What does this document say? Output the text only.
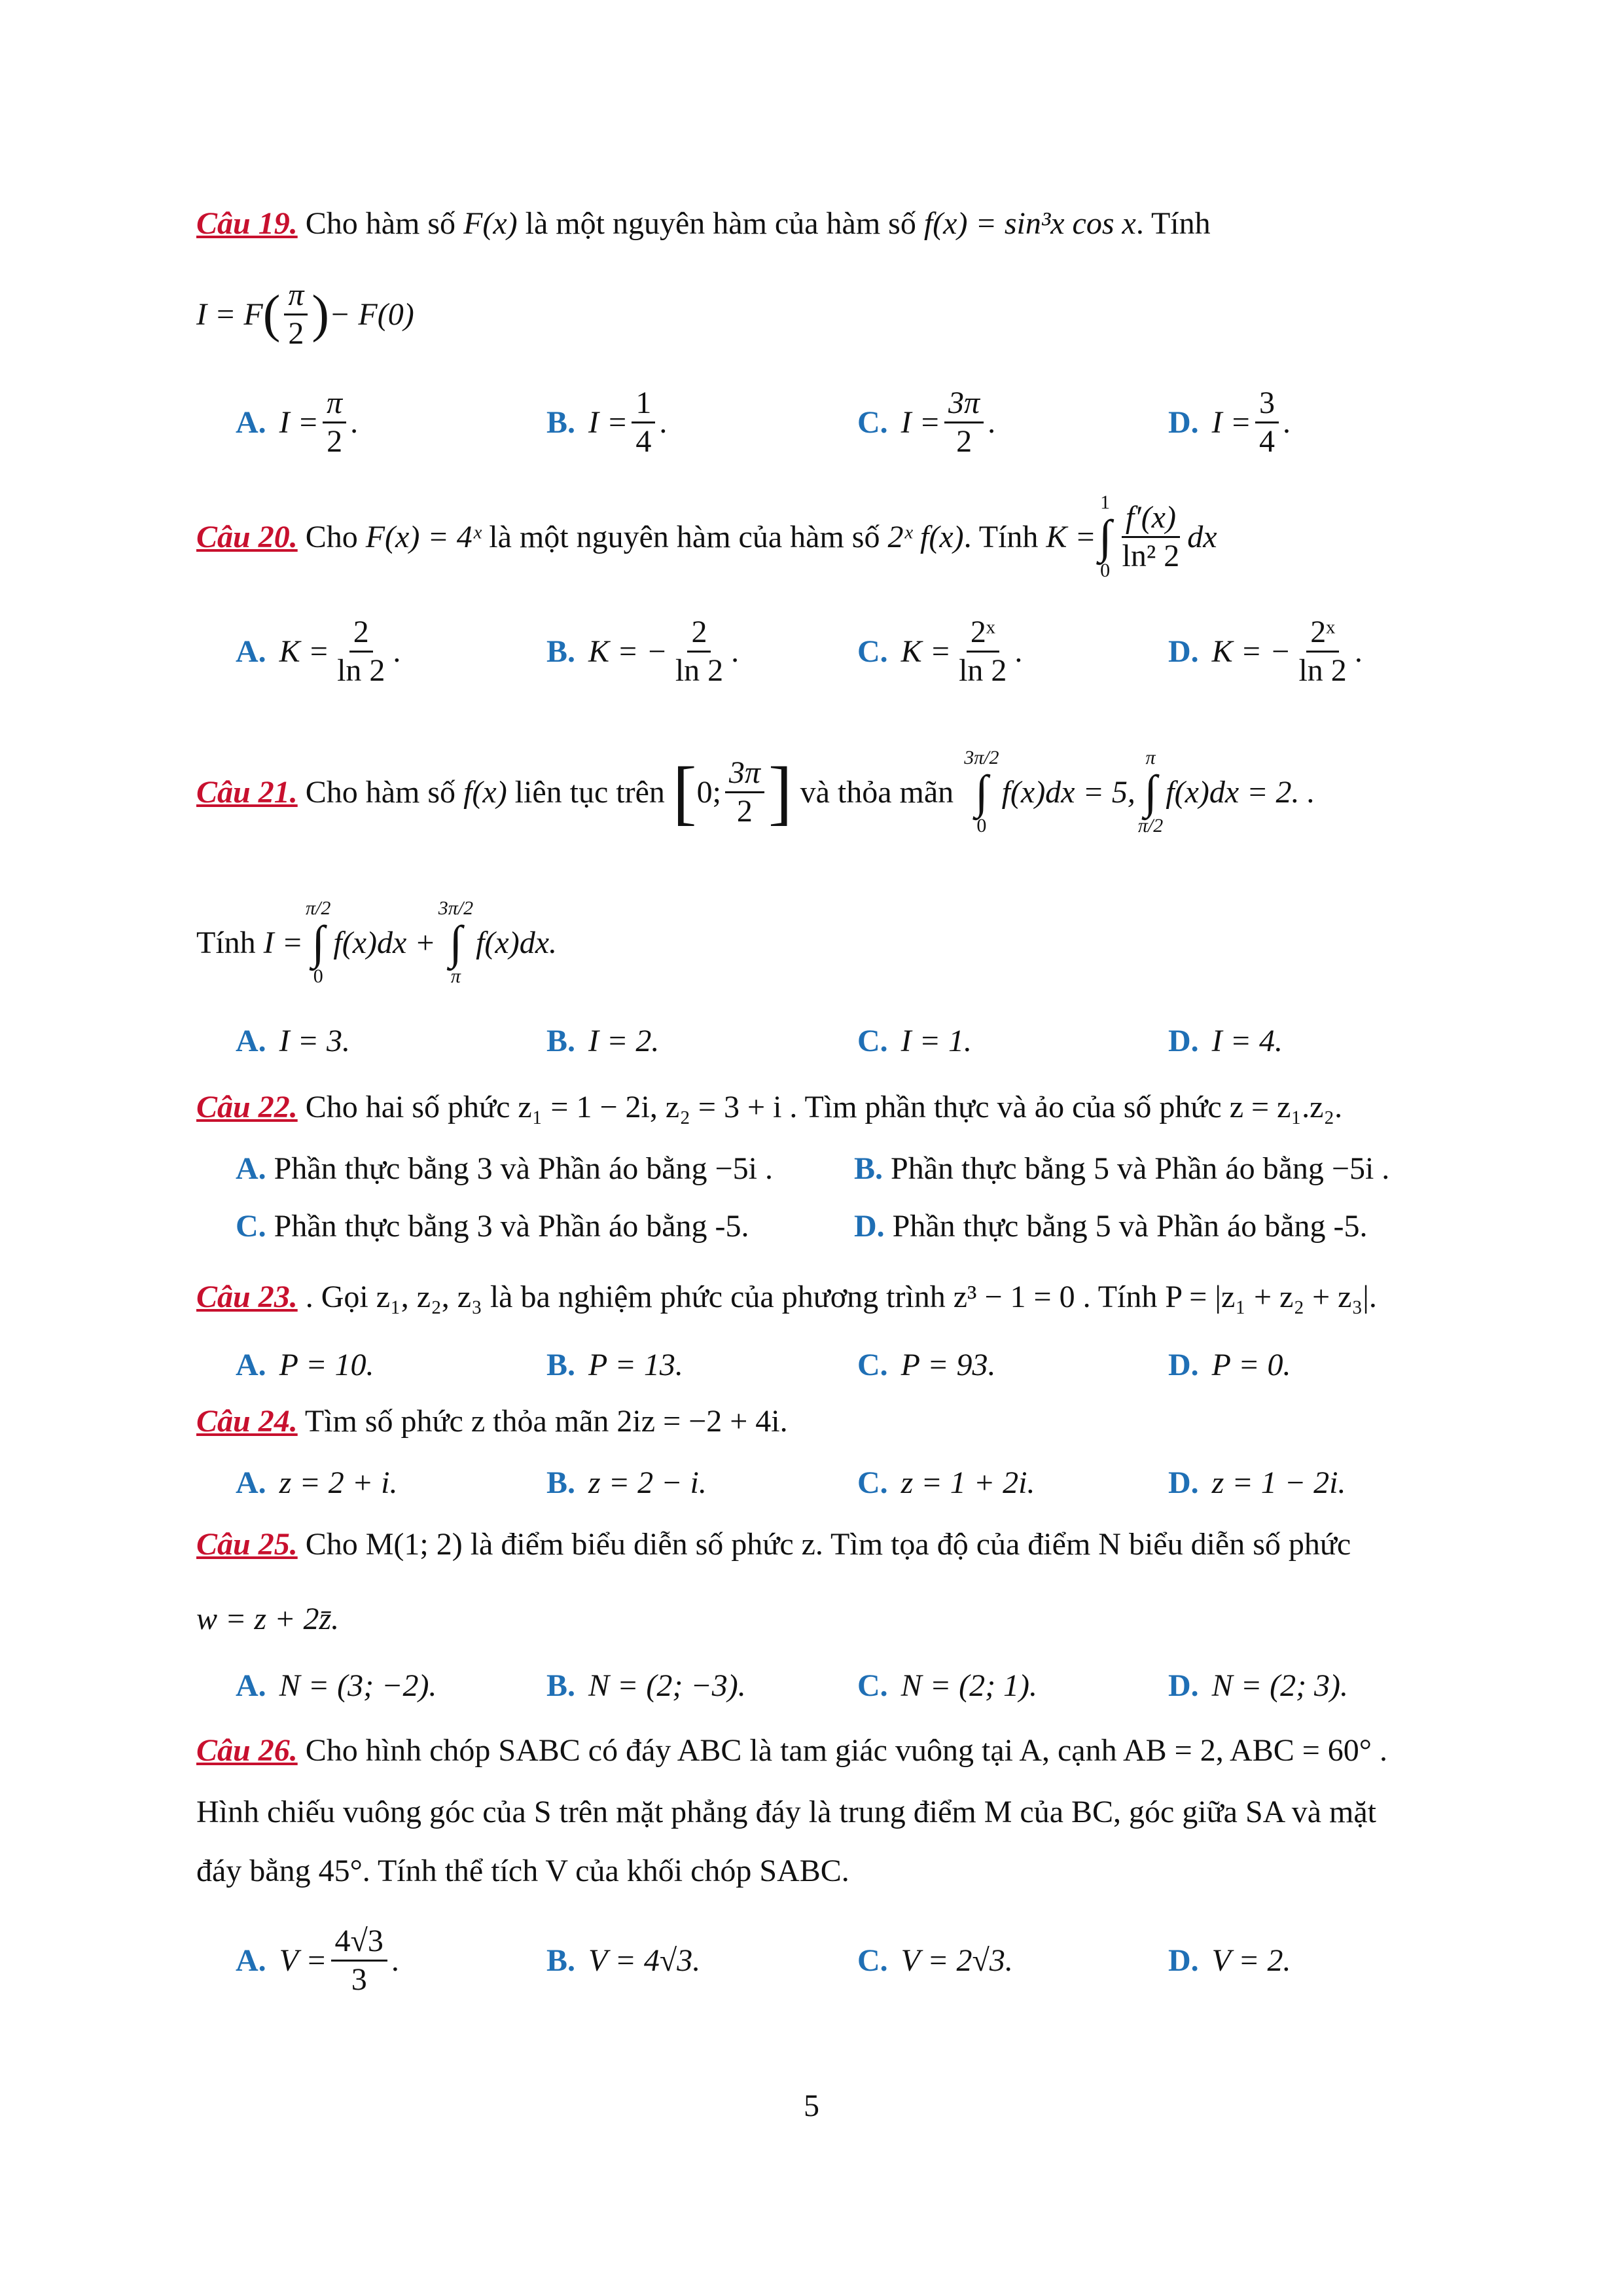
Câu 19. Cho hàm số F(x) là một nguyên hàm của hàm số f(x) = sin³x cos x. Tính
I = F ( $\frac{\pi}{2}$ ) − F(0)
A. $I = \frac{\pi}{2}$ .	B. $I = \frac{1}{4}$ .	C. $I = \frac{3\pi}{2}$ .	D. $I = \frac{3}{4}$ .
Câu 20. Cho F(x) = 4ˣ là một nguyên hàm của hàm số 2ˣ f(x) . Tính K =
1
∫
$0 \frac{f'(x)}{\text{ln² 2}}$ dx
A. $K = \frac{2}{\ln 2}$ .	B. K = − $\frac{2}{\ln 2}$ .	C. $K = \frac{\text{2ˣ}}{\ln 2}$ .	D. K = − $\frac{\text{2ˣ}}{\ln 2}$ .
Câu 21. Cho hàm số f(x) liên tục trên [ 0; $\frac{3\pi}{2}$ ] và thỏa mãn
3π/2
∫
0
f(x)dx = 5,
π
∫
π/2
f(x)dx = 2. .
Tính I =
π/2
∫
0
f(x)dx +
3π/2
∫
π
f(x)dx.
A. I = 3.	B. I = 2.	C. I = 1.	D. I = 4.
Câu 22. Cho hai số phức z₁ = 1 − 2i, z₂ = 3 + i . Tìm phần thực và ảo của số phức z = z₁.z₂.
A. Phần thực bằng 3 và Phần áo bằng −5i .	B. Phần thực bằng 5 và Phần áo bằng −5i .
C. Phần thực bằng 3 và Phần áo bằng -5.	D. Phần thực bằng 5 và Phần áo bằng -5.
Câu 23. . Gọi z₁, z₂, z₃ là ba nghiệm phức của phương trình z³ − 1 = 0 . Tính P = |z₁ + z₂ + z₃|.
A. P = 10.	B. P = 13.	C. P = 93.	D. P = 0.
Câu 24. Tìm số phức z thỏa mãn 2iz = −2 + 4i.
A. z = 2 + i.	B. z = 2 − i.	C. z = 1 + 2i.	D. z = 1 − 2i.
Câu 25. Cho M(1; 2) là điểm biểu diễn số phức z. Tìm tọa độ của điểm N biểu diễn số phức
w = z + 2z̄.
A. N = (3; −2).	B. N = (2; −3).	C. N = (2; 1).	D. N = (2; 3).
Câu 26. Cho hình chóp SABC có đáy ABC là tam giác vuông tại A, cạnh AB = 2, ABC = 60° .
Hình chiếu vuông góc của S trên mặt phẳng đáy là trung điểm M của BC, góc giữa SA và mặt
đáy bằng 45°. Tính thể tích V của khối chóp SABC.
A. $V = \frac{4√3}{3}$ .	B. V = 4√3.	C. V = 2√3.	D. V = 2.
5
